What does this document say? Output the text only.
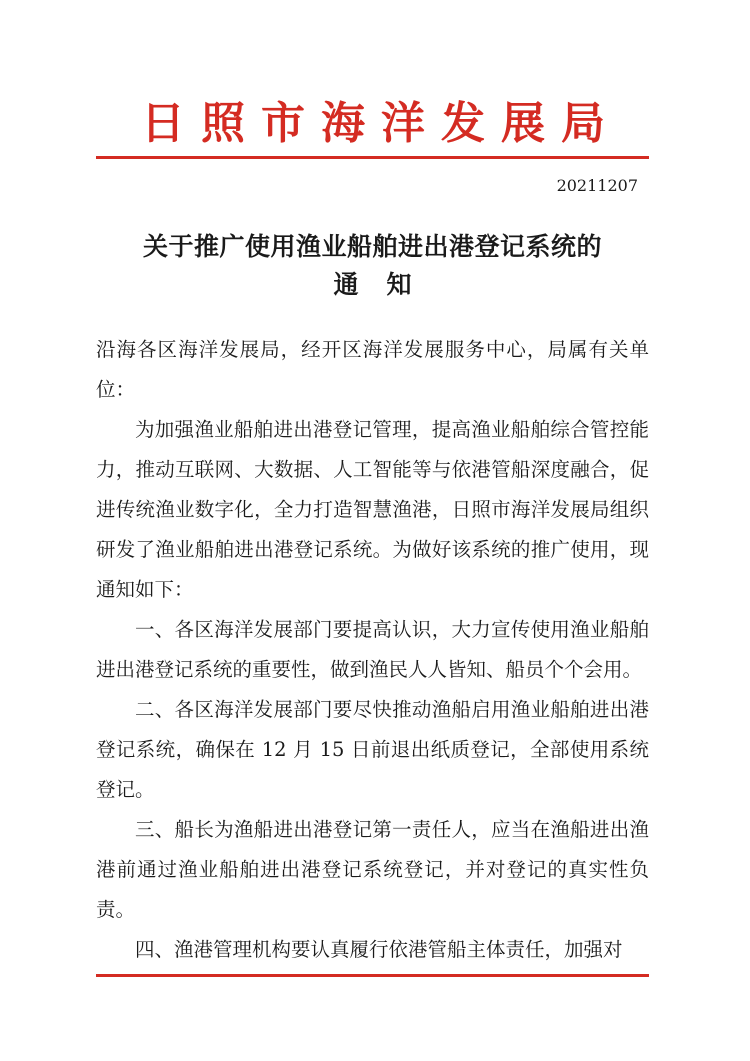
日照市海洋发展局
20211207
关于推广使用渔业船舶进出港登记系统的
通知

沿海各区海洋发展局，经开区海洋发展服务中心，局属有关单位：

为加强渔业船舶进出港登记管理，提高渔业船舶综合管控能力，推动互联网、大数据、人工智能等与依港管船深度融合，促进传统渔业数字化，全力打造智慧渔港，日照市海洋发展局组织研发了渔业船舶进出港登记系统。为做好该系统的推广使用，现通知如下：

一、各区海洋发展部门要提高认识，大力宣传使用渔业船舶进出港登记系统的重要性，做到渔民人人皆知、船员个个会用。

二、各区海洋发展部门要尽快推动渔船启用渔业船舶进出港登记系统，确保在 12 月 15 日前退出纸质登记，全部使用系统登记。

三、船长为渔船进出港登记第一责任人，应当在渔船进出渔港前通过渔业船舶进出港登记系统登记，并对登记的真实性负责。

四、渔港管理机构要认真履行依港管船主体责任，加强对
